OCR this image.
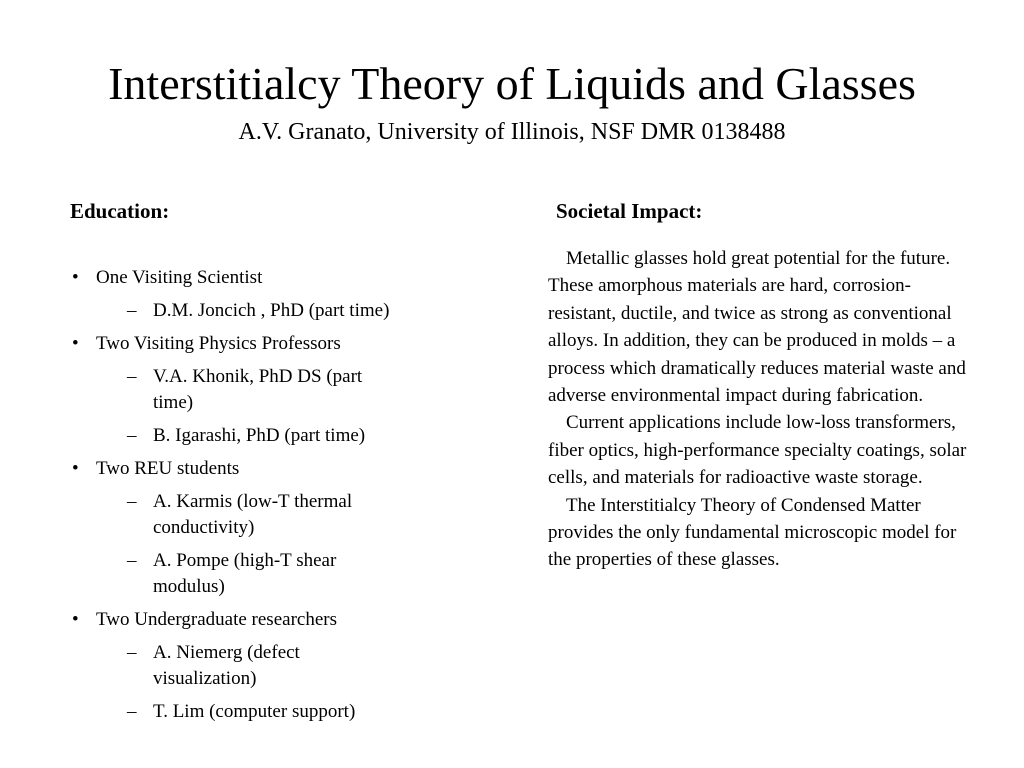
Interstitialcy Theory of Liquids and Glasses
A.V. Granato, University of Illinois, NSF DMR 0138488
Education:	Societal Impact:
• One Visiting Scientist
– D.M. Joncich , PhD (part time)
• Two Visiting Physics Professors
– V.A. Khonik, PhD DS (part time)
– B. Igarashi, PhD (part time)
• Two REU students
– A. Karmis (low-T thermal conductivity)
– A. Pompe (high-T shear modulus)
• Two Undergraduate researchers
– A. Niemerg (defect visualization)
– T. Lim (computer support)

Metallic glasses hold great potential for the future. These amorphous materials are hard, corrosion-resistant, ductile, and twice as strong as conventional alloys. In addition, they can be produced in molds – a process which dramatically reduces material waste and adverse environmental impact during fabrication.

Current applications include low-loss transformers, fiber optics, high-performance specialty coatings, solar cells, and materials for radioactive waste storage.

The Interstitialcy Theory of Condensed Matter provides the only fundamental microscopic model for the properties of these glasses.
